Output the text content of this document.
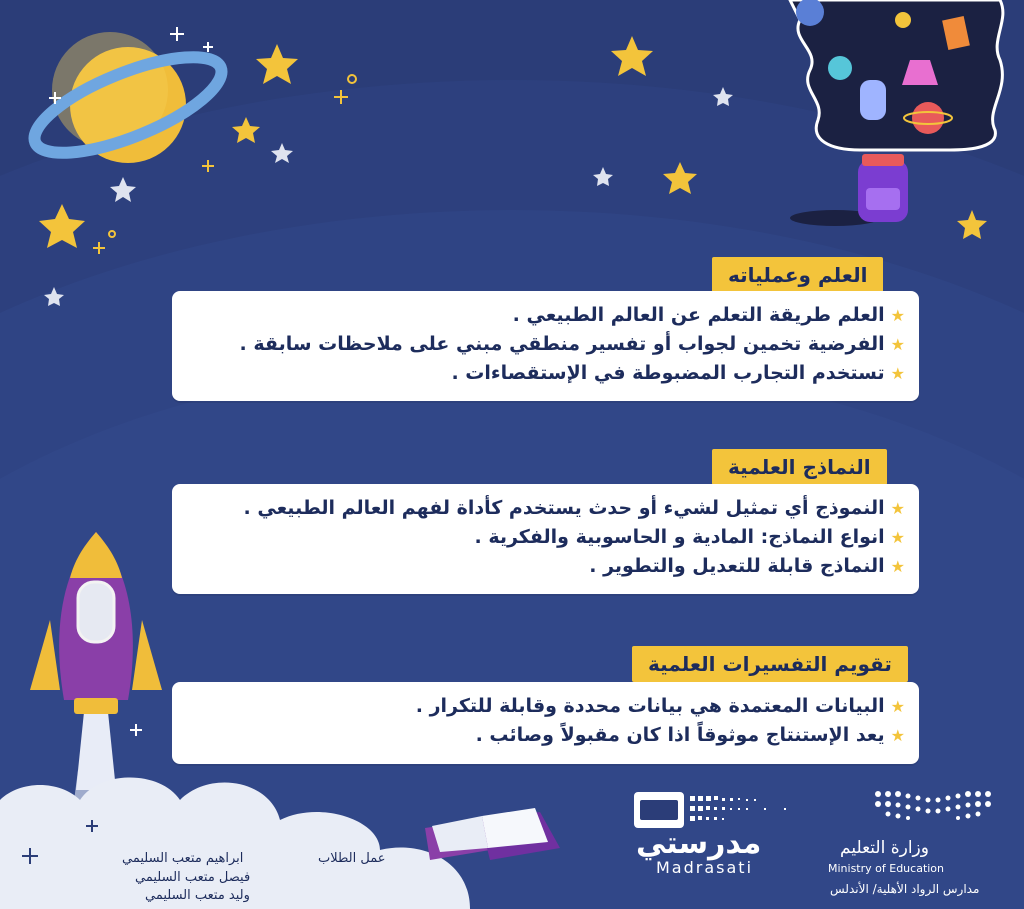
العلم وعملياته
★
العلم طريقة التعلم عن العالم الطبيعي .
★
الفرضية تخمين لجواب أو تفسير منطقي مبني على ملاحظات سابقة .
★
تستخدم التجارب المضبوطة في الإستقصاءات .
النماذج العلمية
★
النموذج أي تمثيل لشيء أو حدث يستخدم كأداة لفهم العالم الطبيعي .
★
انواع النماذج: المادية و الحاسوبية والفكرية .
★
النماذج قابلة للتعديل والتطوير .
تقويم التفسيرات العلمية
★
البيانات المعتمدة هي بيانات محددة وقابلة للتكرار .
★
يعد الإستنتاج موثوقاً اذا كان مقبولاً وصائب .
عمل الطلاب
ابراهيم متعب السليمي
فيصل متعب السليمي
وليد متعب السليمي
مدرستي
Madrasati
وزارة التعليم
Ministry of Education
مدارس الرواد الأهلية/ الأندلس
